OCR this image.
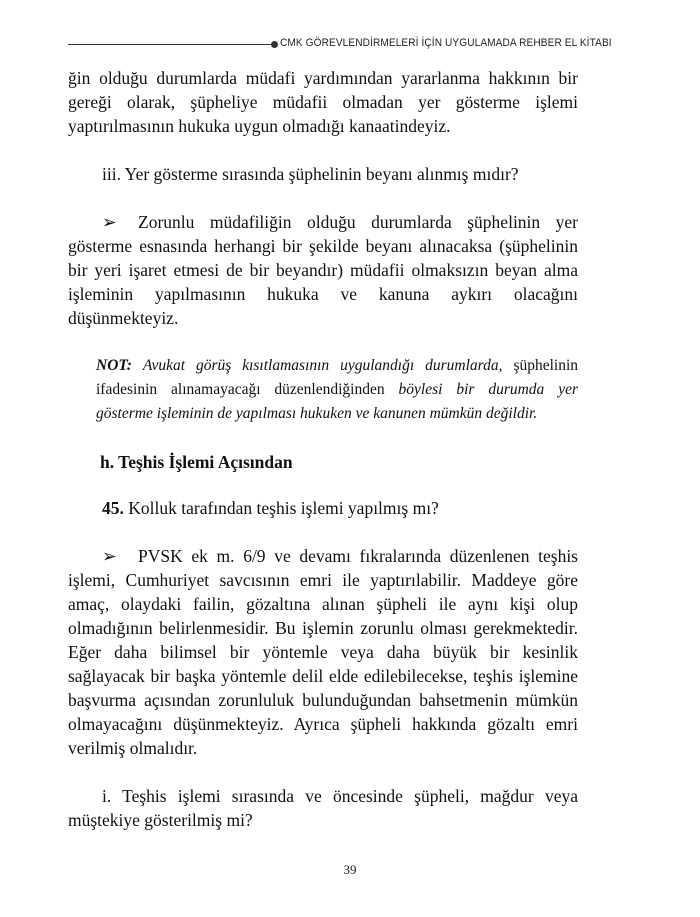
CMK GÖREVLENDİRMELERİ İÇİN UYGULAMADA REHBER EL KİTABI

ğin olduğu durumlarda müdafi yardımından yararlanma hakkının bir gereği olarak, şüpheliye müdafii olmadan yer gösterme işlemi yaptırılmasının hukuka uygun olmadığı kanaatindeyiz.

iii. Yer gösterme sırasında şüphelinin beyanı alınmış mıdır?

➢ Zorunlu müdafiliğin olduğu durumlarda şüphelinin yer gösterme esnasında herhangi bir şekilde beyanı alınacaksa (şüphelinin bir yeri işaret etmesi de bir beyandır) müdafii olmaksızın beyan alma işleminin yapılmasının hukuka ve kanuna aykırı olacağını düşünmekteyiz.

NOT: Avukat görüş kısıtlamasının uygulandığı durumlarda, şüphelinin ifadesinin alınamayacağı düzenlendiğinden böylesi bir durumda yer gösterme işleminin de yapılması hukuken ve kanunen mümkün değildir.

h. Teşhis İşlemi Açısından

45. Kolluk tarafından teşhis işlemi yapılmış mı?

➢ PVSK ek m. 6/9 ve devamı fıkralarında düzenlenen teşhis işlemi, Cumhuriyet savcısının emri ile yaptırılabilir. Maddeye göre amaç, olaydaki failin, gözaltına alınan şüpheli ile aynı kişi olup olmadığının belirlenmesidir. Bu işlemin zorunlu olması gerekmektedir. Eğer daha bilimsel bir yöntemle veya daha büyük bir kesinlik sağlayacak bir başka yöntemle delil elde edilebilecekse, teşhis işlemine başvurma açısından zorunluluk bulunduğundan bahsetmenin mümkün olmayacağını düşünmekteyiz. Ayrıca şüpheli hakkında gözaltı emri verilmiş olmalıdır.

i. Teşhis işlemi sırasında ve öncesinde şüpheli, mağdur veya müştekiye gösterilmiş mi?

39
